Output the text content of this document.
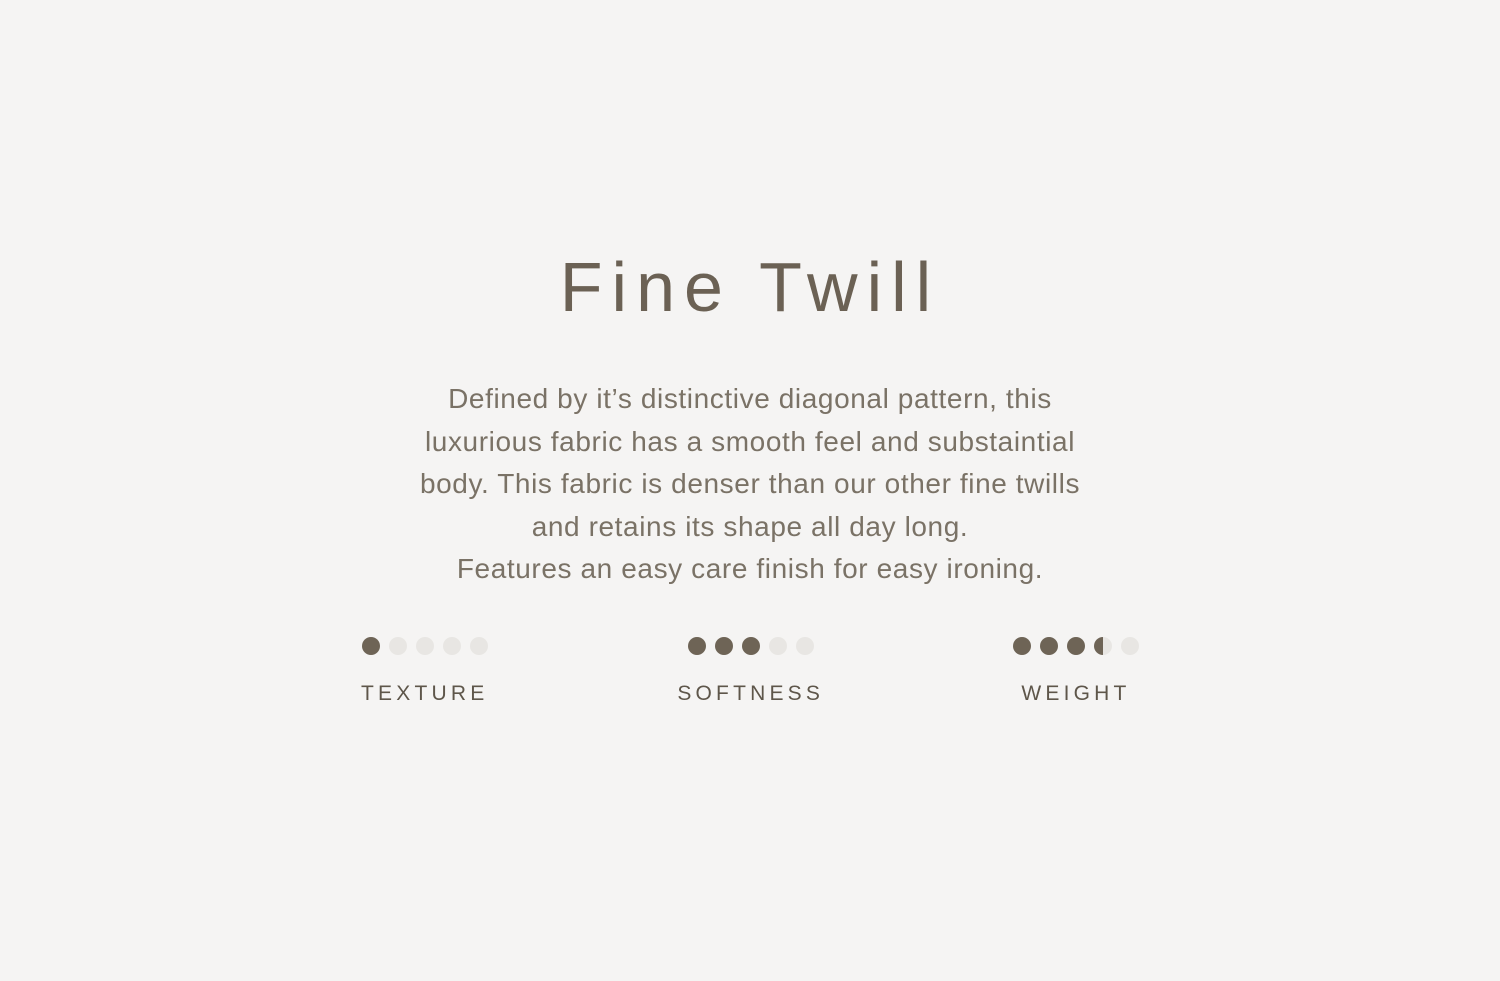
Fine Twill
Defined by it’s distinctive diagonal pattern, this
luxurious fabric has a smooth feel and substaintial
body. This fabric is denser than our other fine twills
and retains its shape all day long.
Features an easy care finish for easy ironing.
TEXTURE	SOFTNESS	WEIGHT
